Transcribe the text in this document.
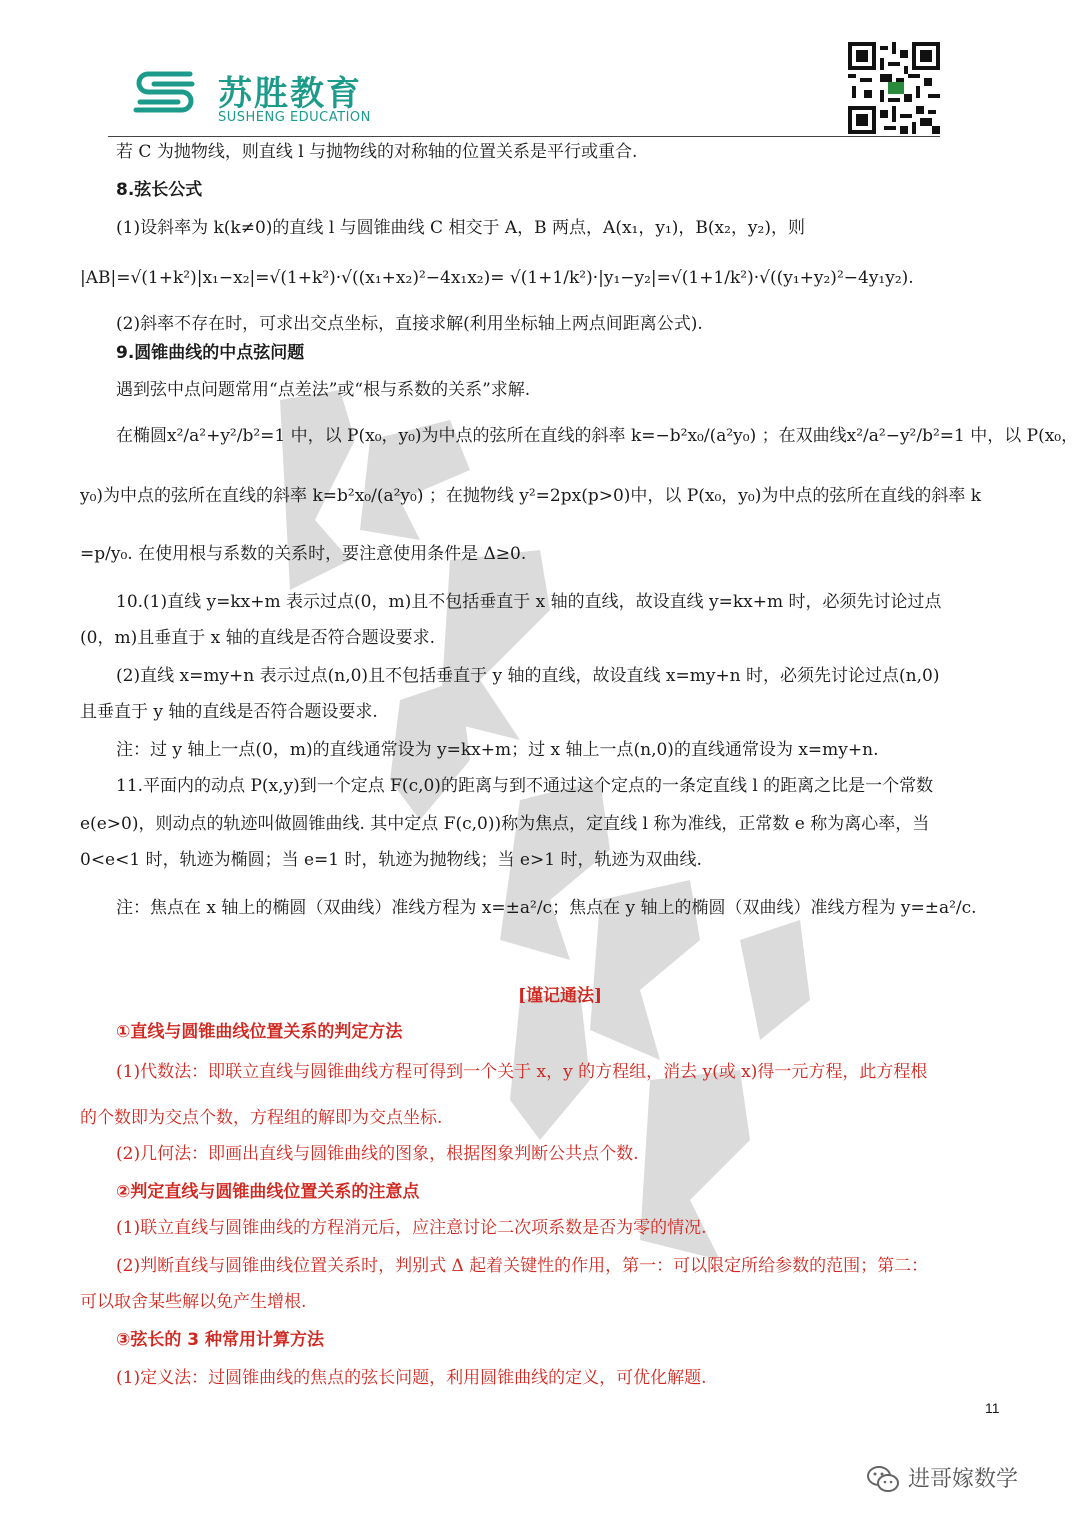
苏胜教育
SUSHENG EDUCATION
若 C 为抛物线，则直线 l 与抛物线的对称轴的位置关系是平行或重合.
8.弦长公式
(1)设斜率为 k(k≠0)的直线 l 与圆锥曲线 C 相交于 A，B 两点，A(x₁，y₁)，B(x₂，y₂)，则
|AB|=√(1+k²)|x₁−x₂|=√(1+k²)·√((x₁+x₂)²−4x₁x₂)= √(1+1/k²)·|y₁−y₂|=√(1+1/k²)·√((y₁+y₂)²−4y₁y₂).
(2)斜率不存在时，可求出交点坐标，直接求解(利用坐标轴上两点间距离公式).
9.圆锥曲线的中点弦问题
遇到弦中点问题常用“点差法”或“根与系数的关系”求解.
在椭圆x²/a²+y²/b²=1 中，以 P(x₀，y₀)为中点的弦所在直线的斜率 k=−b²x₀/(a²y₀) ；在双曲线x²/a²−y²/b²=1 中，以 P(x₀，
y₀)为中点的弦所在直线的斜率 k=b²x₀/(a²y₀) ；在抛物线 y²=2px(p>0)中，以 P(x₀，y₀)为中点的弦所在直线的斜率 k
=p/y₀. 在使用根与系数的关系时，要注意使用条件是 Δ≥0.
10.(1)直线 y=kx+m 表示过点(0，m)且不包括垂直于 x 轴的直线，故设直线 y=kx+m 时，必须先讨论过点
(0，m)且垂直于 x 轴的直线是否符合题设要求.
(2)直线 x=my+n 表示过点(n,0)且不包括垂直于 y 轴的直线，故设直线 x=my+n 时，必须先讨论过点(n,0)
且垂直于 y 轴的直线是否符合题设要求.
注：过 y 轴上一点(0，m)的直线通常设为 y=kx+m；过 x 轴上一点(n,0)的直线通常设为 x=my+n.
11.平面内的动点 P(x,y)到一个定点 F(c,0)的距离与到不通过这个定点的一条定直线 l 的距离之比是一个常数
e(e>0)，则动点的轨迹叫做圆锥曲线. 其中定点 F(c,0))称为焦点，定直线 l 称为准线，正常数 e 称为离心率，当
0<e<1 时，轨迹为椭圆；当 e=1 时，轨迹为抛物线；当 e>1 时，轨迹为双曲线.
注：焦点在 x 轴上的椭圆（双曲线）准线方程为 x=±a²/c；焦点在 y 轴上的椭圆（双曲线）准线方程为 y=±a²/c.
[谨记通法]
①直线与圆锥曲线位置关系的判定方法
(1)代数法：即联立直线与圆锥曲线方程可得到一个关于 x，y 的方程组，消去 y(或 x)得一元方程，此方程根
的个数即为交点个数，方程组的解即为交点坐标.
(2)几何法：即画出直线与圆锥曲线的图象，根据图象判断公共点个数.
②判定直线与圆锥曲线位置关系的注意点
(1)联立直线与圆锥曲线的方程消元后，应注意讨论二次项系数是否为零的情况.
(2)判断直线与圆锥曲线位置关系时，判别式 Δ 起着关键性的作用，第一：可以限定所给参数的范围；第二：
可以取舍某些解以免产生增根.
③弦长的 3 种常用计算方法
(1)定义法：过圆锥曲线的焦点的弦长问题，利用圆锥曲线的定义，可优化解题.
11
进哥嫁数学
